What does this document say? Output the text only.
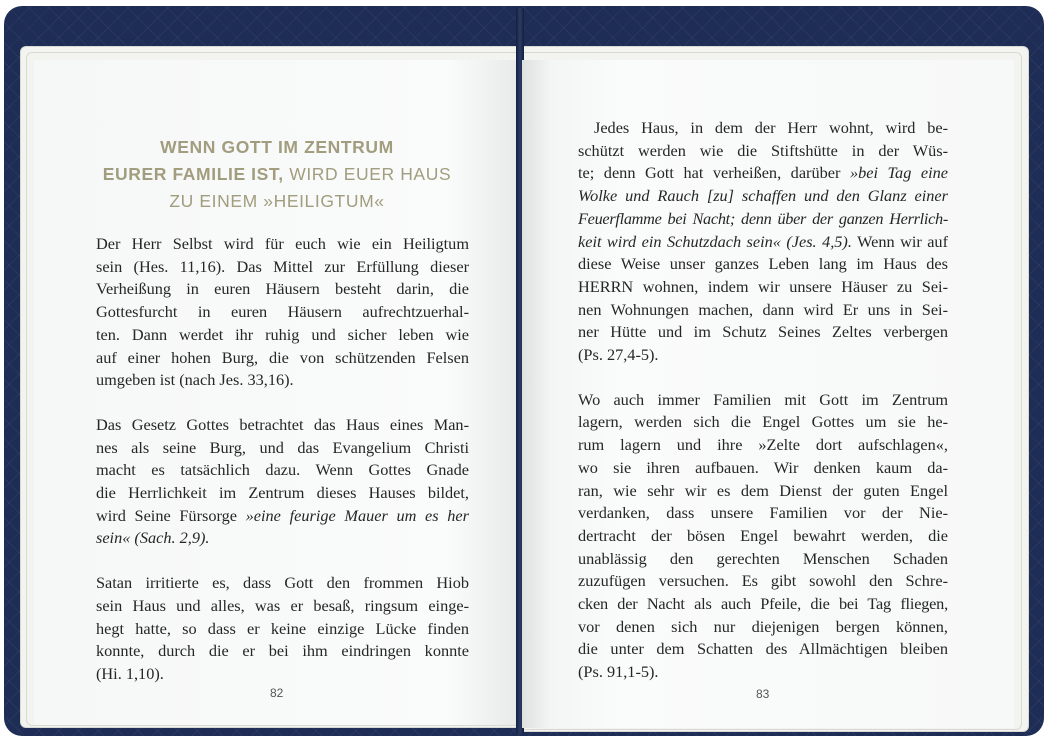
WENN GOTT IM ZENTRUM
EURER FAMILIE IST, WIRD EUER HAUS
ZU EINEM »HEILIGTUM«

Der Herr Selbst wird für euch wie ein Heiligtum
sein (Hes. 11,16). Das Mittel zur Erfüllung dieser
Verheißung in euren Häusern besteht darin, die
Gottesfurcht in euren Häusern aufrechtzuerhal-
ten. Dann werdet ihr ruhig und sicher leben wie
auf einer hohen Burg, die von schützenden Felsen
umgeben ist (nach Jes. 33,16).

Das Gesetz Gottes betrachtet das Haus eines Man-
nes als seine Burg, und das Evangelium Christi
macht es tatsächlich dazu. Wenn Gottes Gnade
die Herrlichkeit im Zentrum dieses Hauses bildet,
wird Seine Fürsorge »eine feurige Mauer um es her
sein« (Sach. 2,9).

Satan irritierte es, dass Gott den frommen Hiob
sein Haus und alles, was er besaß, ringsum einge-
hegt hatte, so dass er keine einzige Lücke finden
konnte, durch die er bei ihm eindringen konnte
(Hi. 1,10).

82

Jedes Haus, in dem der Herr wohnt, wird be-
schützt werden wie die Stiftshütte in der Wüs-
te; denn Gott hat verheißen, darüber »bei Tag eine
Wolke und Rauch [zu] schaffen und den Glanz einer
Feuerflamme bei Nacht; denn über der ganzen Herrlich-
keit wird ein Schutzdach sein« (Jes. 4,5). Wenn wir auf
diese Weise unser ganzes Leben lang im Haus des
HERRN wohnen, indem wir unsere Häuser zu Sei-
nen Wohnungen machen, dann wird Er uns in Sei-
ner Hütte und im Schutz Seines Zeltes verbergen
(Ps. 27,4-5).

Wo auch immer Familien mit Gott im Zentrum
lagern, werden sich die Engel Gottes um sie he-
rum lagern und ihre »Zelte dort aufschlagen«,
wo sie ihren aufbauen. Wir denken kaum da-
ran, wie sehr wir es dem Dienst der guten Engel
verdanken, dass unsere Familien vor der Nie-
dertracht der bösen Engel bewahrt werden, die
unablässig den gerechten Menschen Schaden
zuzufügen versuchen. Es gibt sowohl den Schre-
cken der Nacht als auch Pfeile, die bei Tag fliegen,
vor denen sich nur diejenigen bergen können,
die unter dem Schatten des Allmächtigen bleiben
(Ps. 91,1-5).

83
